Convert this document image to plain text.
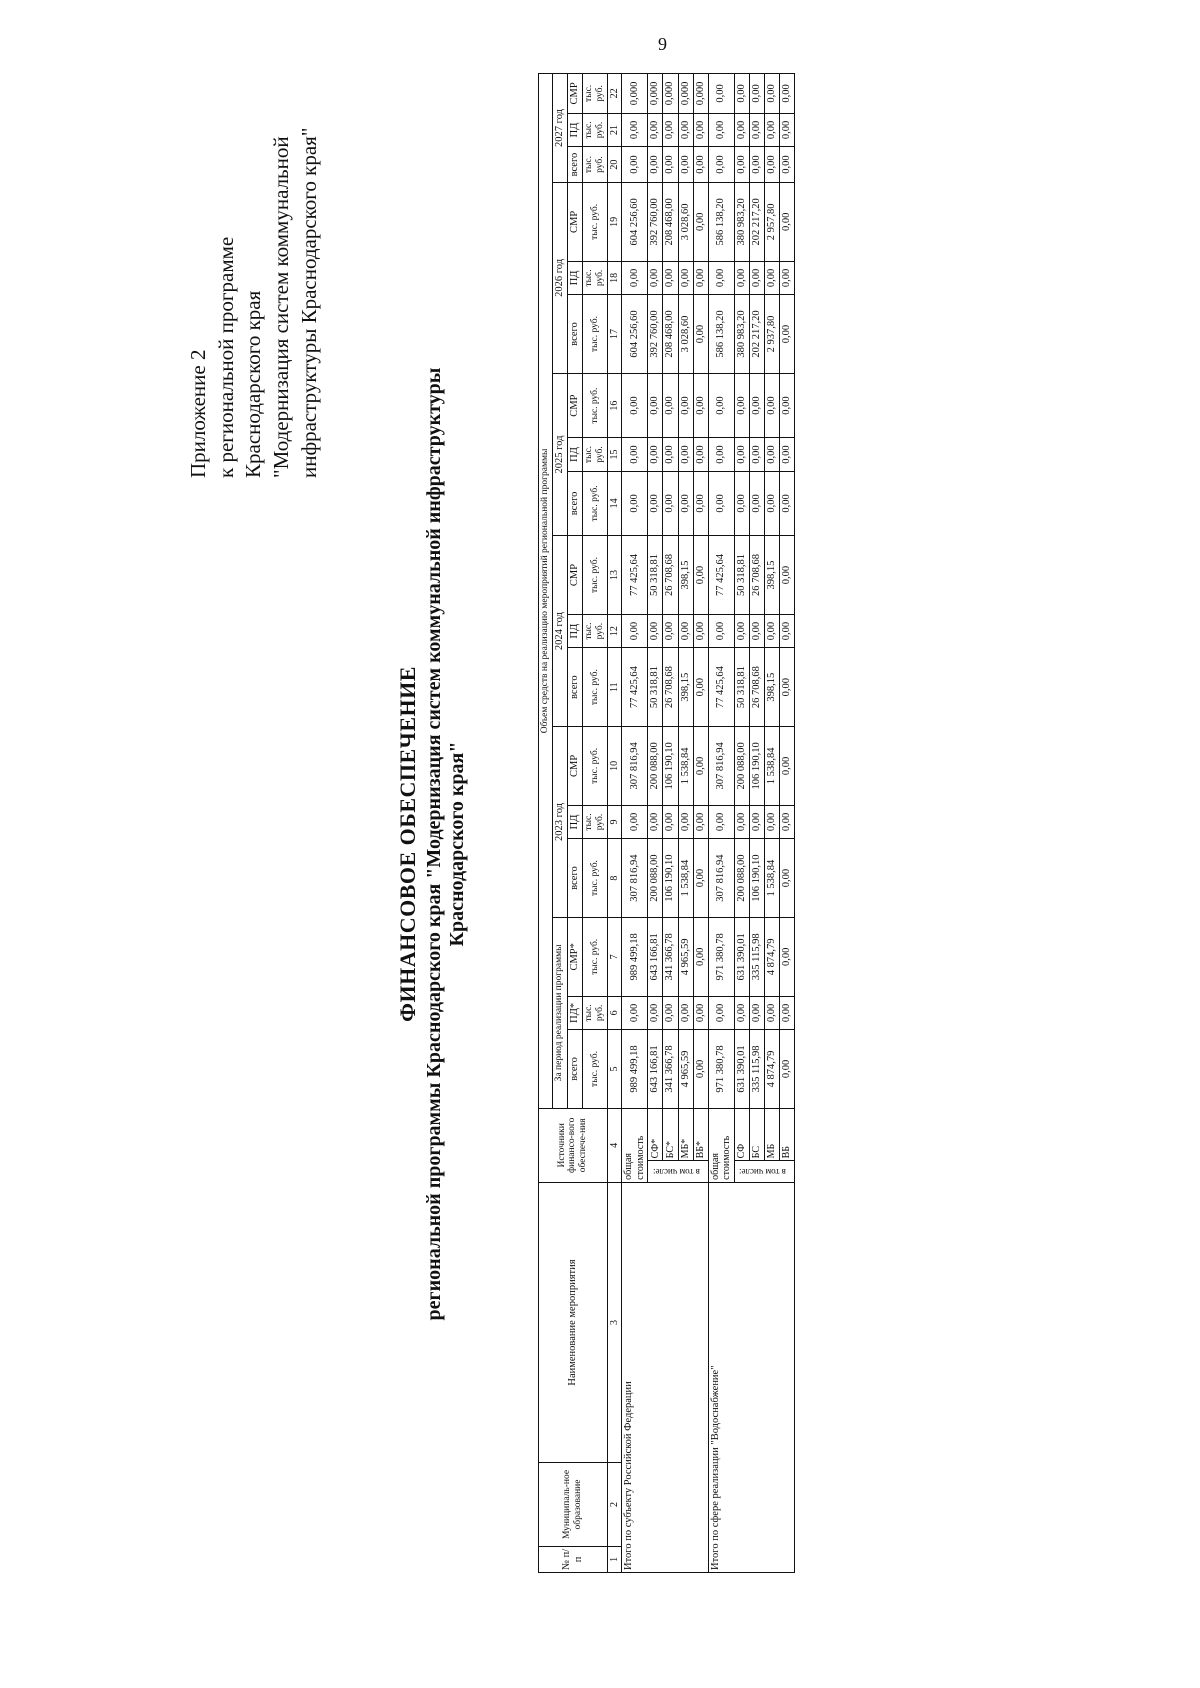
9
Приложение 2 к региональной программе Краснодарского края "Модернизация систем коммунальной инфраструктуры Краснодарского края"
ФИНАНСОВОЕ ОБЕСПЕЧЕНИЕ региональной программы Краснодарского края "Модернизация систем коммунальной инфраструктуры Краснодарского края"
№ п/п	Муниципаль-ное образование	Наименование мероприятия	Источники финансо-вого обеспече-ния		Объем средств на реализацию мероприятий региональной программы																	
					За период реализации программы			2023 год			2024 год			2025 год			2026 год			2027 год		
					всего	ПД*	СМР*	всего	ПД	СМР	всего	ПД	СМР	всего	ПД	СМР	всего	ПД	СМР	всего	ПД	СМР
					тыс. руб.	тыс. руб.	тыс. руб.	тыс. руб.	тыс. руб.	тыс. руб.	тыс. руб.	тыс. руб.	тыс. руб.	тыс. руб.	тыс. руб.	тыс. руб.	тыс. руб.	тыс. руб.	тыс. руб.	тыс. руб.	тыс. руб.	тыс. руб.
1	2	3	4		5	6	7	8	9	10	11	12	13	14	15	16	17	18	19	20	21	22
Итого по субъекту Российской Федерации			общая стоимость		989 499,18	0,00	989 499,18	307 816,94	0,00	307 816,94	77 425,64	0,00	77 425,64	0,00	0,00	0,00	604 256,60	0,00	604 256,60	0,00	0,00	0,000
			в том числе:	СФ*	643 166,81	0,00	643 166,81	200 088,00	0,00	200 088,00	50 318,81	0,00	50 318,81	0,00	0,00	0,00	392 760,00	0,00	392 760,00	0,00	0,00	0,000
				БС*	341 366,78	0,00	341 366,78	106 190,10	0,00	106 190,10	26 708,68	0,00	26 708,68	0,00	0,00	0,00	208 468,00	0,00	208 468,00	0,00	0,00	0,000
				МБ*	4 965,59	0,00	4 965,59	1 538,84	0,00	1 538,84	398,15	0,00	398,15	0,00	0,00	0,00	3 028,60	0,00	3 028,60	0,00	0,00	0,000
				ВБ*	0,00	0,00	0,00	0,00	0,00	0,00	0,00	0,00	0,00	0,00	0,00	0,00	0,00	0,00	0,00	0,00	0,00	0,000
Итого по сфере реализации "Водоснабжение"			общая стоимость		971 380,78	0,00	971 380,78	307 816,94	0,00	307 816,94	77 425,64	0,00	77 425,64	0,00	0,00	0,00	586 138,20	0,00	586 138,20	0,00	0,00	0,00
			в том числе:	СФ	631 390,01	0,00	631 390,01	200 088,00	0,00	200 088,00	50 318,81	0,00	50 318,81	0,00	0,00	0,00	380 983,20	0,00	380 983,20	0,00	0,00	0,00
				БС	335 115,98	0,00	335 115,98	106 190,10	0,00	106 190,10	26 708,68	0,00	26 708,68	0,00	0,00	0,00	202 217,20	0,00	202 217,20	0,00	0,00	0,00
				МБ	4 874,79	0,00	4 874,79	1 538,84	0,00	1 538,84	398,15	0,00	398,15	0,00	0,00	0,00	2 937,80	0,00	2 957,80	0,00	0,00	0,00
				ВБ	0,00	0,00	0,00	0,00	0,00	0,00	0,00	0,00	0,00	0,00	0,00	0,00	0,00	0,00	0,00	0,00	0,00	0,00
